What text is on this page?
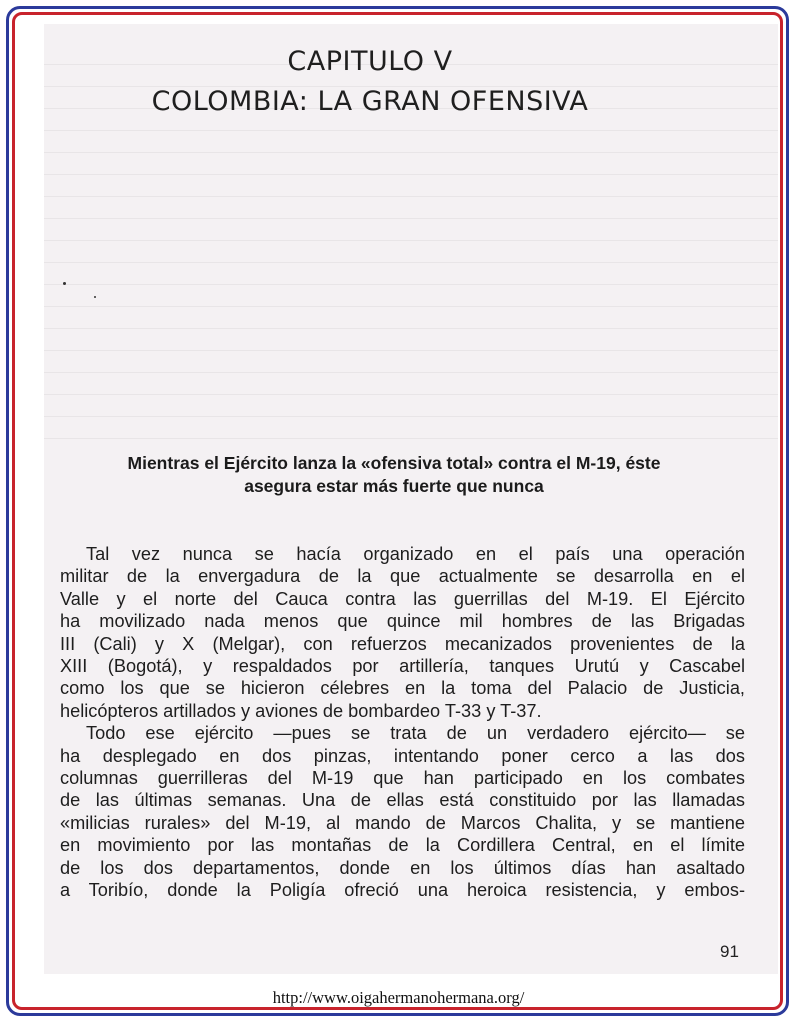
CAPITULO V
COLOMBIA: LA GRAN OFENSIVA
Mientras el Ejército lanza la «ofensiva total» contra el M-19, éste
asegura estar más fuerte que nunca
Tal vez nunca se hacía organizado en el país una operación
militar de la envergadura de la que actualmente se desarrolla en el
Valle y el norte del Cauca contra las guerrillas del M-19. El Ejército
ha movilizado nada menos que quince mil hombres de las Brigadas
III (Cali) y X (Melgar), con refuerzos mecanizados provenientes de la
XIII (Bogotá), y respaldados por artillería, tanques Urutú y Cascabel
como los que se hicieron célebres en la toma del Palacio de Justicia,
helicópteros artillados y aviones de bombardeo T-33 y T-37.
Todo ese ejército —pues se trata de un verdadero ejército— se
ha desplegado en dos pinzas, intentando poner cerco a las dos
columnas guerrilleras del M-19 que han participado en los combates
de las últimas semanas. Una de ellas está constituido por las llamadas
«milicias rurales» del M-19, al mando de Marcos Chalita, y se mantiene
en movimiento por las montañas de la Cordillera Central, en el límite
de los dos departamentos, donde en los últimos días han asaltado
a Toribío, donde la Poligía ofreció una heroica resistencia, y embos-
91
http://www.oigahermanohermana.org/
